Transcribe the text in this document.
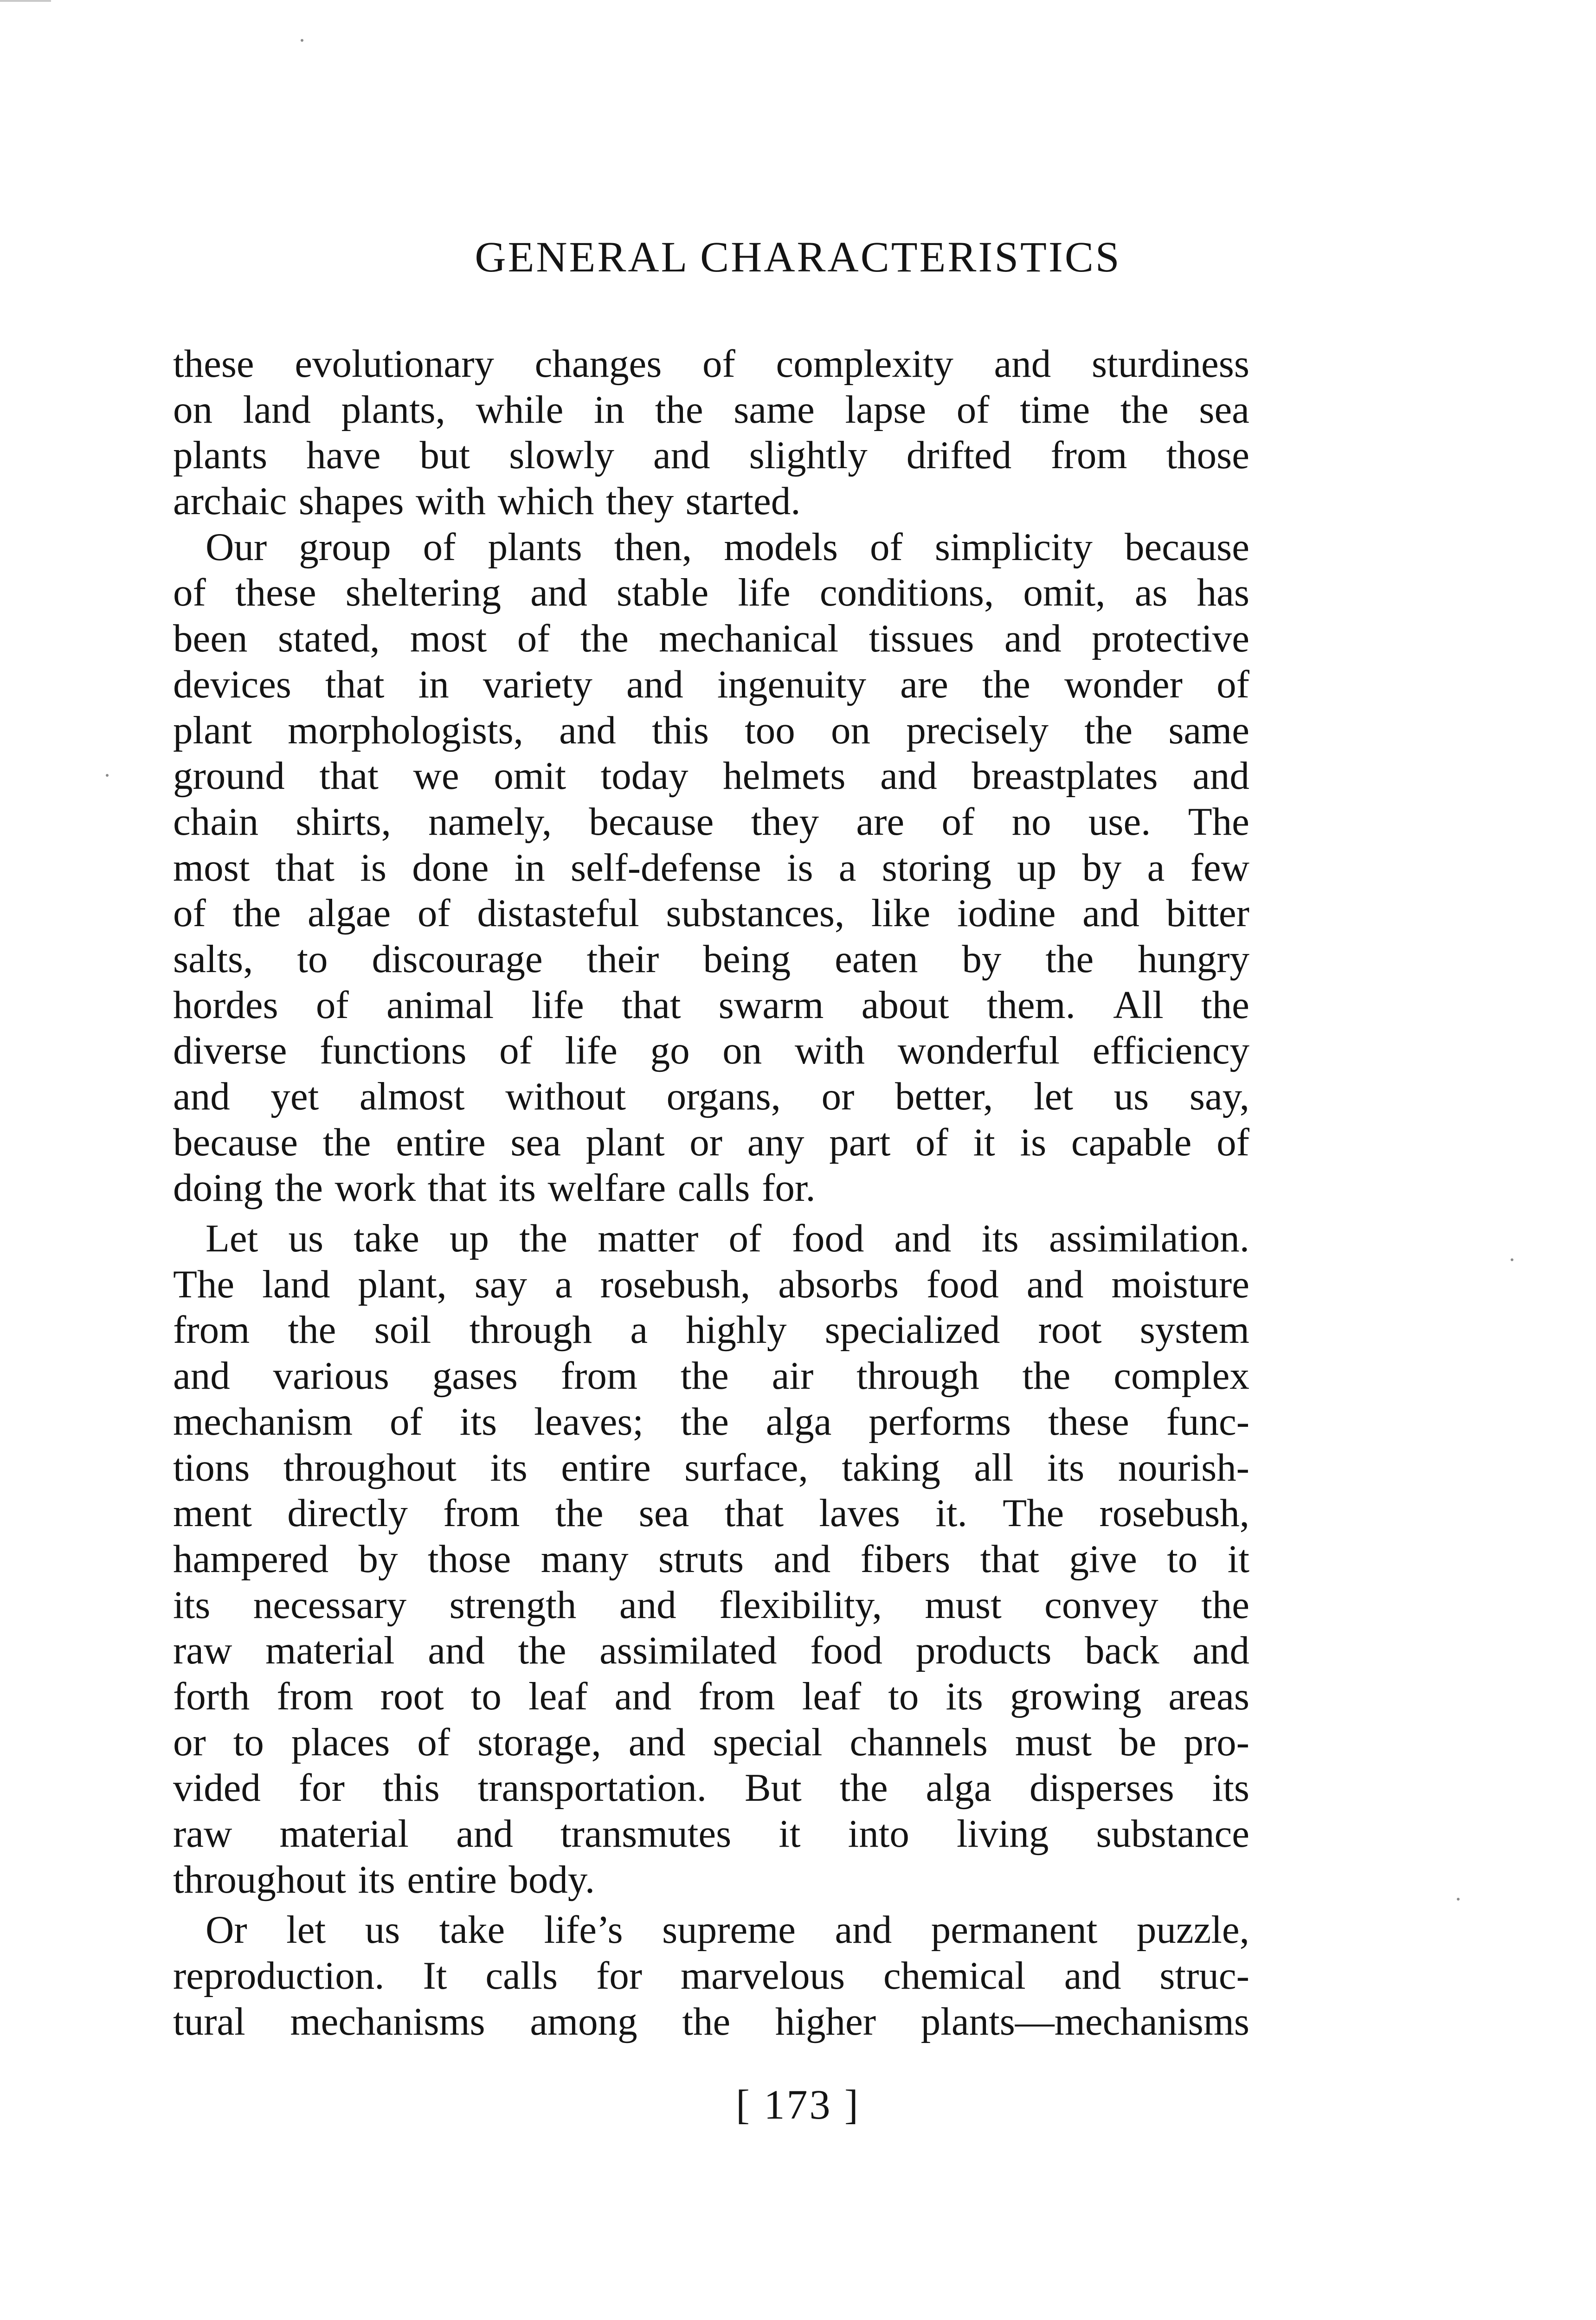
GENERAL CHARACTERISTICS
these evolutionary changes of complexity and sturdiness
on land plants, while in the same lapse of time the sea
plants have but slowly and slightly drifted from those
archaic shapes with which they started.
Our group of plants then, models of simplicity because
of these sheltering and stable life conditions, omit, as has
been stated, most of the mechanical tissues and protective
devices that in variety and ingenuity are the wonder of
plant morphologists, and this too on precisely the same
ground that we omit today helmets and breastplates and
chain shirts, namely, because they are of no use. The
most that is done in self-defense is a storing up by a few
of the algae of distasteful substances, like iodine and bitter
salts, to discourage their being eaten by the hungry
hordes of animal life that swarm about them. All the
diverse functions of life go on with wonderful efficiency
and yet almost without organs, or better, let us say,
because the entire sea plant or any part of it is capable of
doing the work that its welfare calls for.
Let us take up the matter of food and its assimilation.
The land plant, say a rosebush, absorbs food and moisture
from the soil through a highly specialized root system
and various gases from the air through the complex
mechanism of its leaves; the alga performs these func-
tions throughout its entire surface, taking all its nourish-
ment directly from the sea that laves it. The rosebush,
hampered by those many struts and fibers that give to it
its necessary strength and flexibility, must convey the
raw material and the assimilated food products back and
forth from root to leaf and from leaf to its growing areas
or to places of storage, and special channels must be pro-
vided for this transportation. But the alga disperses its
raw material and transmutes it into living substance
throughout its entire body.
Or let us take life’s supreme and permanent puzzle,
reproduction. It calls for marvelous chemical and struc-
tural mechanisms among the higher plants—mechanisms
[ 173 ]
